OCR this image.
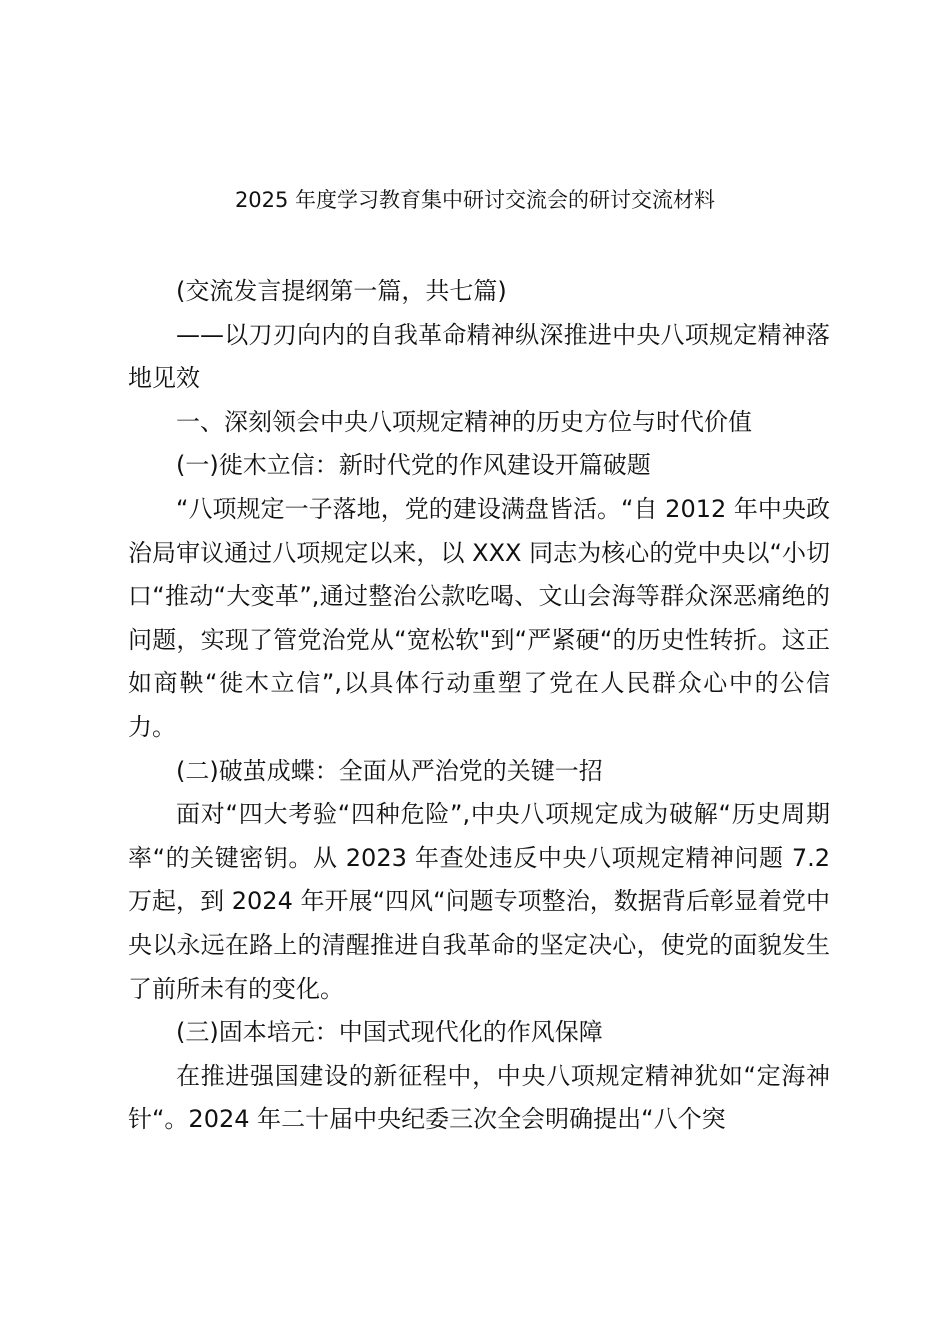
2025 年度学习教育集中研讨交流会的研讨交流材料

(交流发言提纲第一篇，共七篇)

——以刀刃向内的自我革命精神纵深推进中央八项规定精神落地见效

一、深刻领会中央八项规定精神的历史方位与时代价值

(一)徙木立信：新时代党的作风建设开篇破题

“八项规定一子落地，党的建设满盘皆活。“自 2012 年中央政治局审议通过八项规定以来，以 XXX 同志为核心的党中央以“小切口“推动“大变革”,通过整治公款吃喝、文山会海等群众深恶痛绝的问题，实现了管党治党从“宽松软"到“严紧硬“的历史性转折。这正如商鞅“徙木立信”,以具体行动重塑了党在人民群众心中的公信力。

(二)破茧成蝶：全面从严治党的关键一招

面对“四大考验“四种危险”,中央八项规定成为破解“历史周期率“的关键密钥。从 2023 年查处违反中央八项规定精神问题 7.2 万起，到 2024 年开展“四风“问题专项整治，数据背后彰显着党中央以永远在路上的清醒推进自我革命的坚定决心，使党的面貌发生了前所未有的变化。

(三)固本培元：中国式现代化的作风保障

在推进强国建设的新征程中，中央八项规定精神犹如“定海神针“。2024 年二十届中央纪委三次全会明确提出“八个突
